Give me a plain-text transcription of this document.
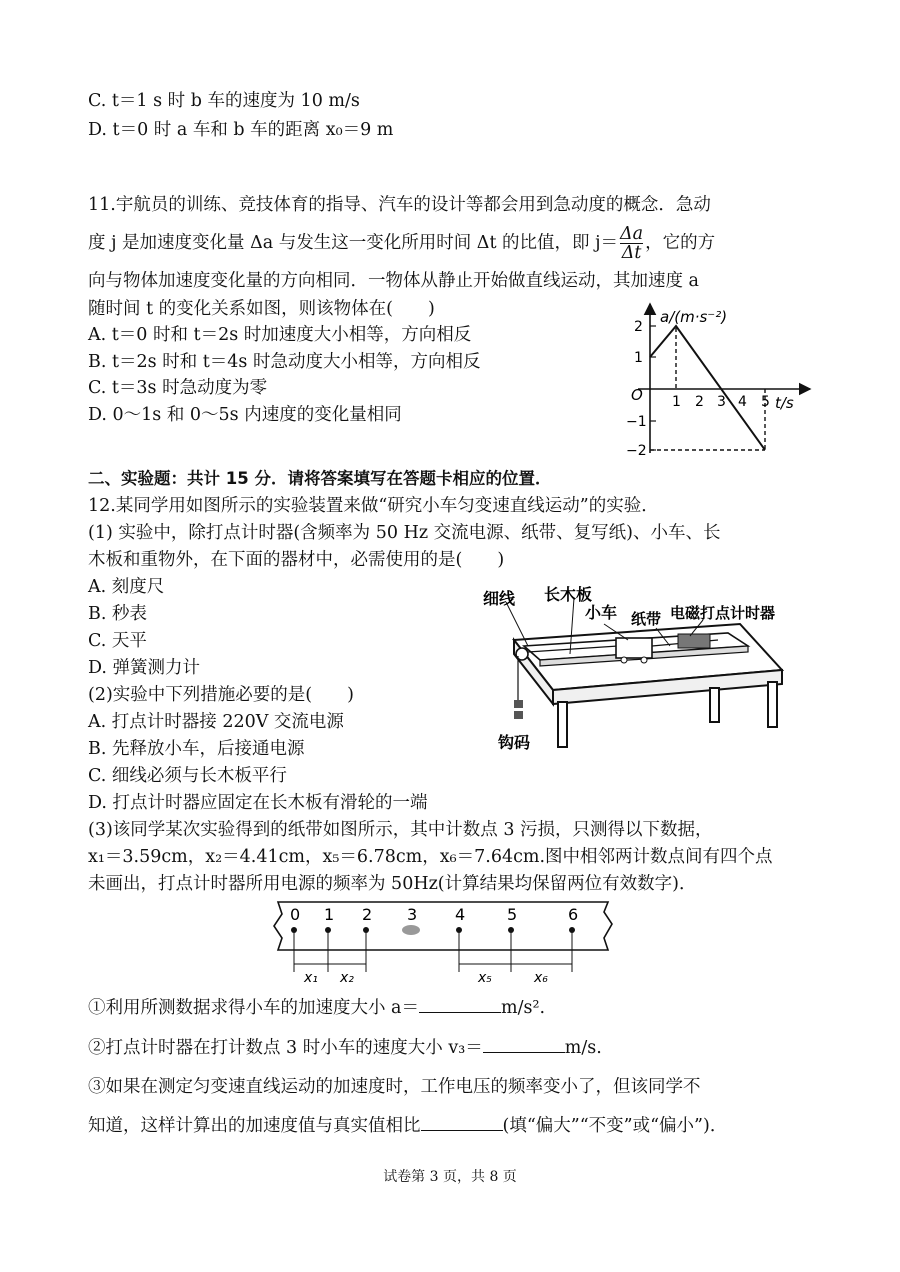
C. t＝1 s 时 b 车的速度为 10 m/s
D. t＝0 时 a 车和 b 车的距离 x₀＝9 m
11.宇航员的训练、竞技体育的指导、汽车的设计等都会用到急动度的概念．急动
度 j 是加速度变化量 Δa 与发生这一变化所用时间 Δt 的比值，即 $j= \frac{\Delta a}{\Delta t}$ ，它的方
向与物体加速度变化量的方向相同．一物体从静止开始做直线运动，其加速度 a
随时间 t 的变化关系如图，则该物体在(　　)
A. t＝0 时和 t＝2s 时加速度大小相等，方向相反
B. t＝2s 时和 t＝4s 时急动度大小相等，方向相反
C. t＝3s 时急动度为零
D. 0～1s 和 0～5s 内速度的变化量相同
a/(m·s⁻²)
t/s
O 1 2 3 4 5
2
1
−1
−2
二、实验题：共计 15 分．请将答案填写在答题卡相应的位置．
12.某同学用如图所示的实验装置来做“研究小车匀变速直线运动”的实验．
(1) 实验中，除打点计时器(含频率为 50 Hz 交流电源、纸带、复写纸)、小车、长
木板和重物外，在下面的器材中，必需使用的是(　　)
A. 刻度尺
B. 秒表
C. 天平
D. 弹簧测力计
(2)实验中下列措施必要的是(　　)
A. 打点计时器接 220V 交流电源
B. 先释放小车，后接通电源
C. 细线必须与长木板平行
D. 打点计时器应固定在长木板有滑轮的一端
细线 长木板
小车 纸带 电磁打点计时器
钩码
(3)该同学某次实验得到的纸带如图所示，其中计数点 3 污损，只测得以下数据，
x₁＝3.59cm，x₂＝4.41cm，x₅＝6.78cm，x₆＝7.64cm.图中相邻两计数点间有四个点
未画出，打点计时器所用电源的频率为 50Hz(计算结果均保留两位有效数字)．
0 1 2 3 4	5	6
x₁ x₂	x₅	x₆
①利用所测数据求得小车的加速度大小 a＝	m/s².
②打点计时器在打计数点 3 时小车的速度大小 v₃＝	m/s.
③如果在测定匀变速直线运动的加速度时，工作电压的频率变小了，但该同学不
知道，这样计算出的加速度值与真实值相比	(填“偏大”“不变”或“偏小”)．
试卷第 3 页，共 8 页
